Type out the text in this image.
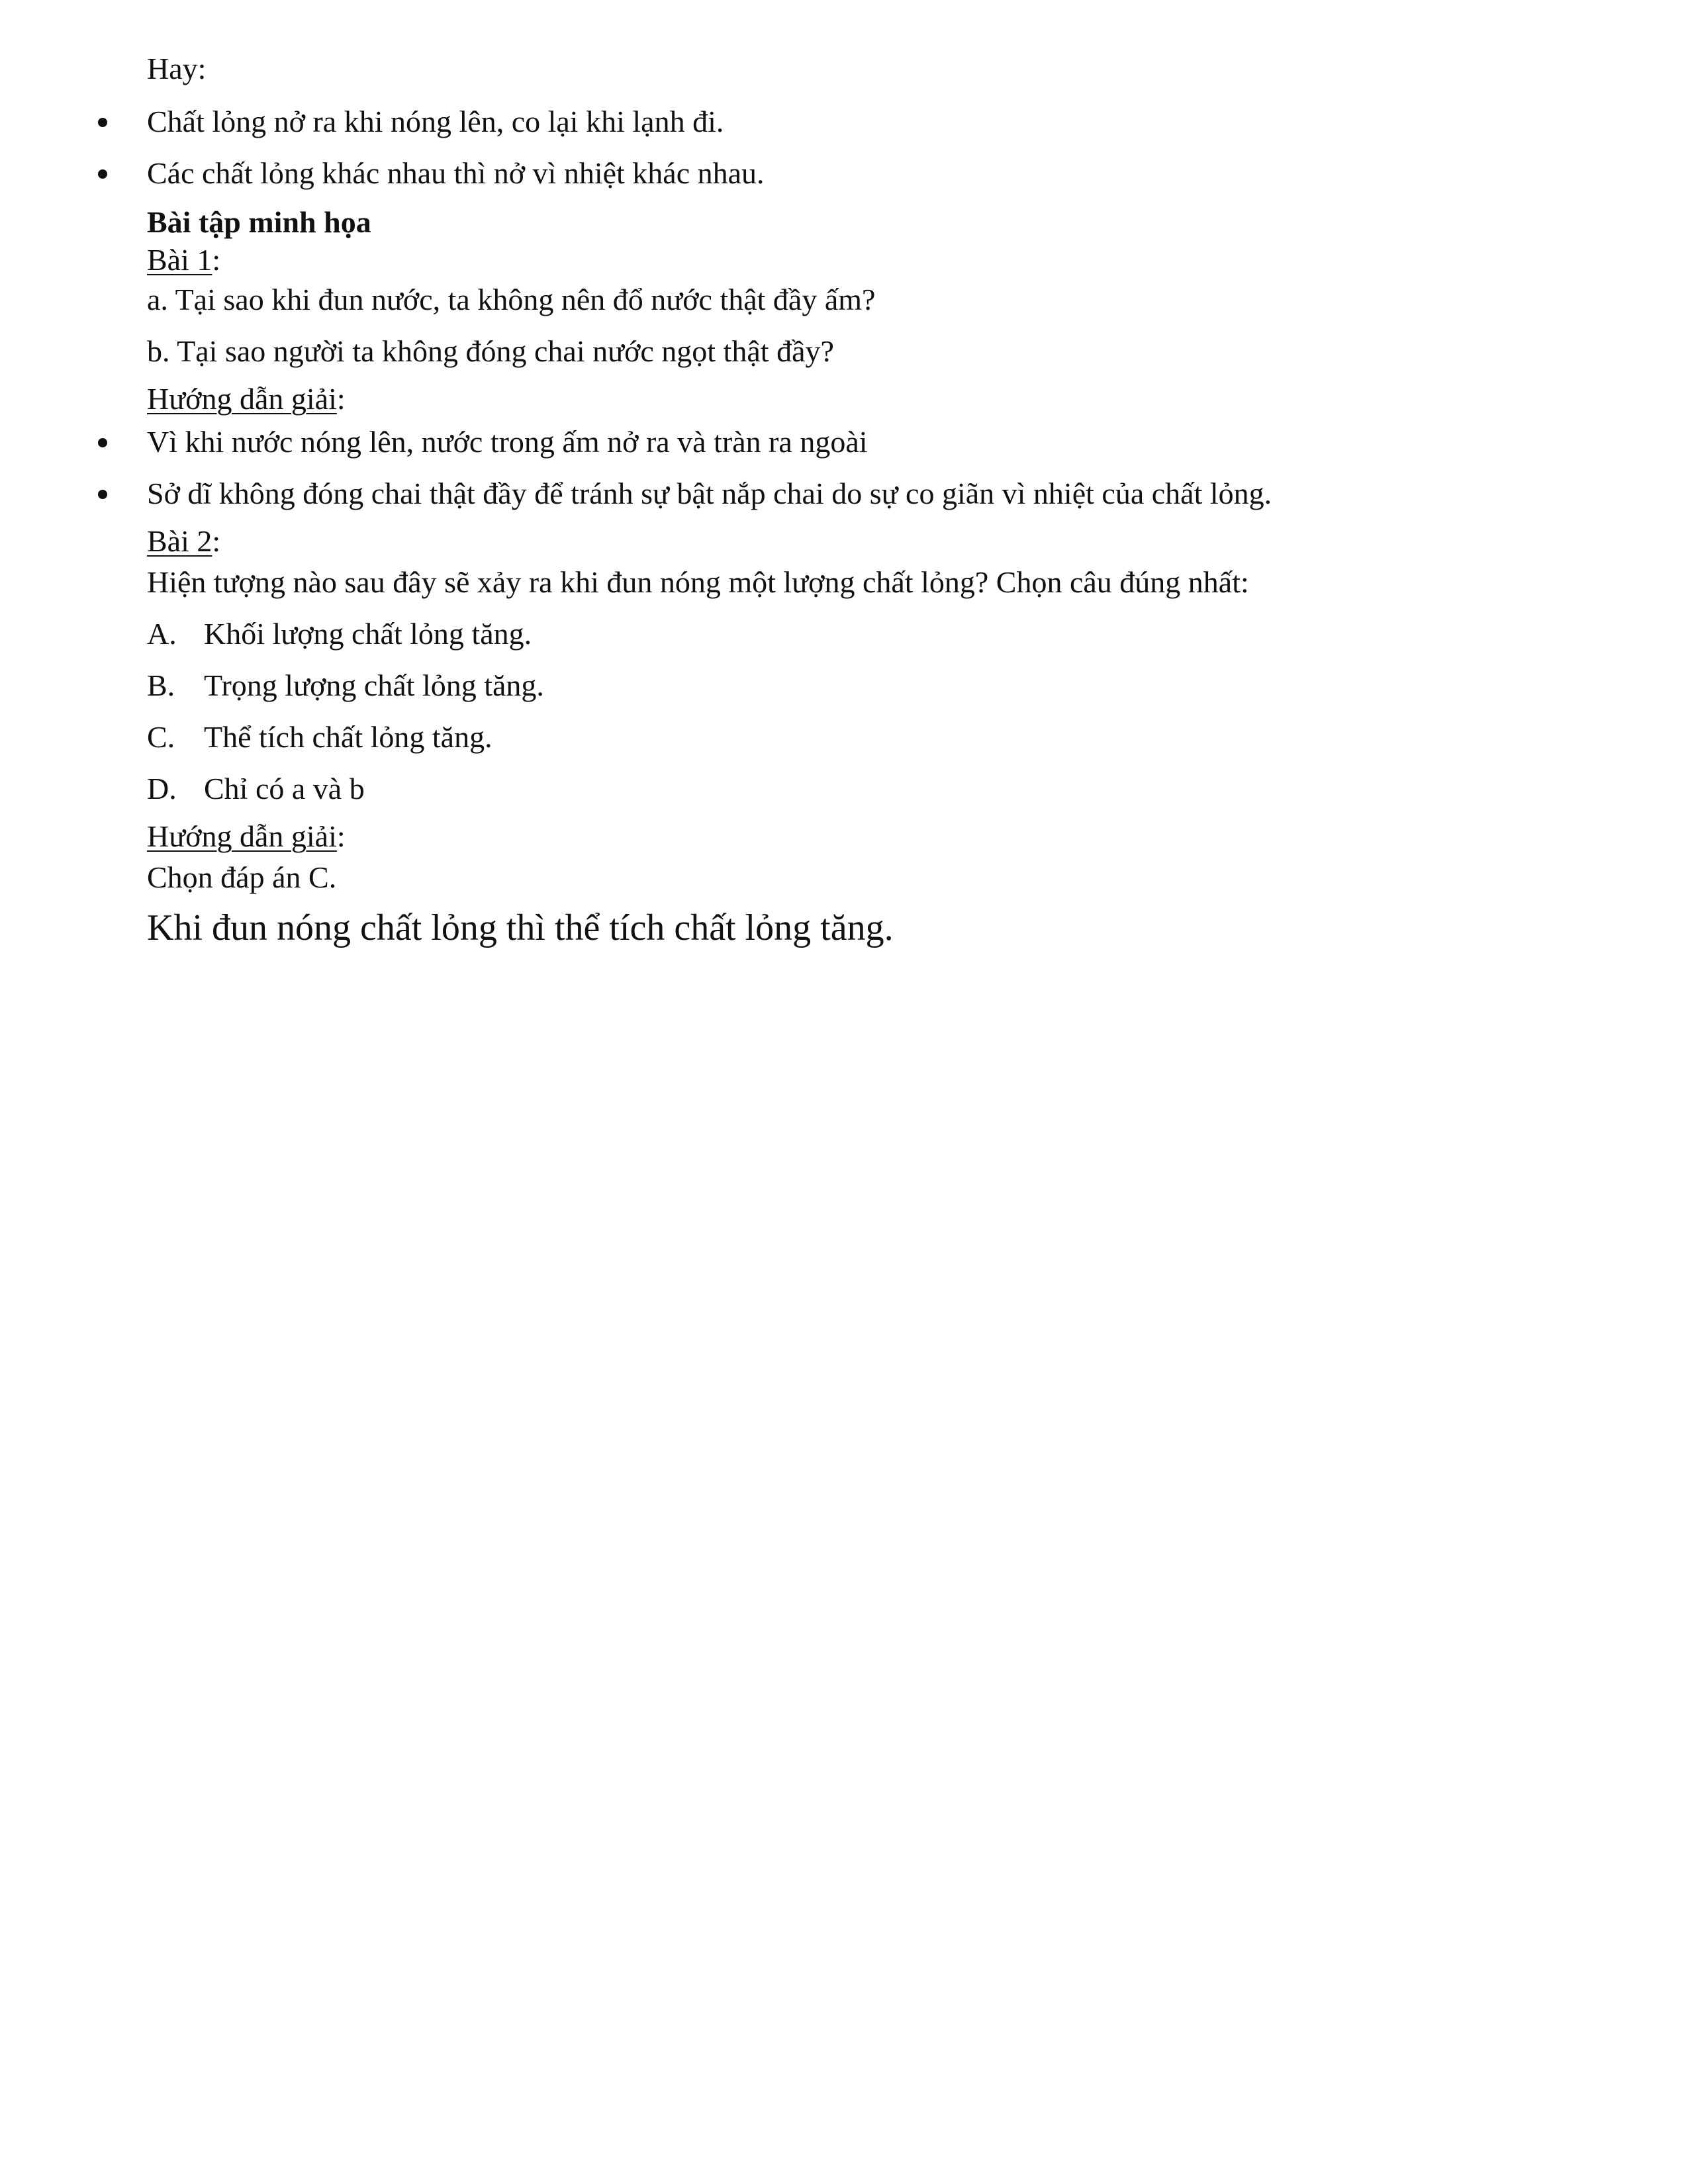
Hay:
Chất lỏng nở ra khi nóng lên, co lại khi lạnh đi.
Các chất lỏng khác nhau thì nở vì nhiệt khác nhau.
Bài tập minh họa
Bài 1:
a. Tại sao khi đun nước, ta không nên đổ nước thật đầy ấm?
b. Tại sao người ta không đóng chai nước ngọt thật đầy?
Hướng dẫn giải:
Vì khi nước nóng lên, nước trong ấm nở ra và tràn ra ngoài
Sở dĩ không đóng chai thật đầy để tránh sự bật nắp chai do sự co giãn vì nhiệt của chất lỏng.
Bài 2:
Hiện tượng nào sau đây sẽ xảy ra khi đun nóng một lượng chất lỏng? Chọn câu đúng nhất:
A. Khối lượng chất lỏng tăng.
B. Trọng lượng chất lỏng tăng.
C. Thể tích chất lỏng tăng.
D. Chỉ có a và b
Hướng dẫn giải:
Chọn đáp án C.
Khi đun nóng chất lỏng thì thể tích chất lỏng tăng.
